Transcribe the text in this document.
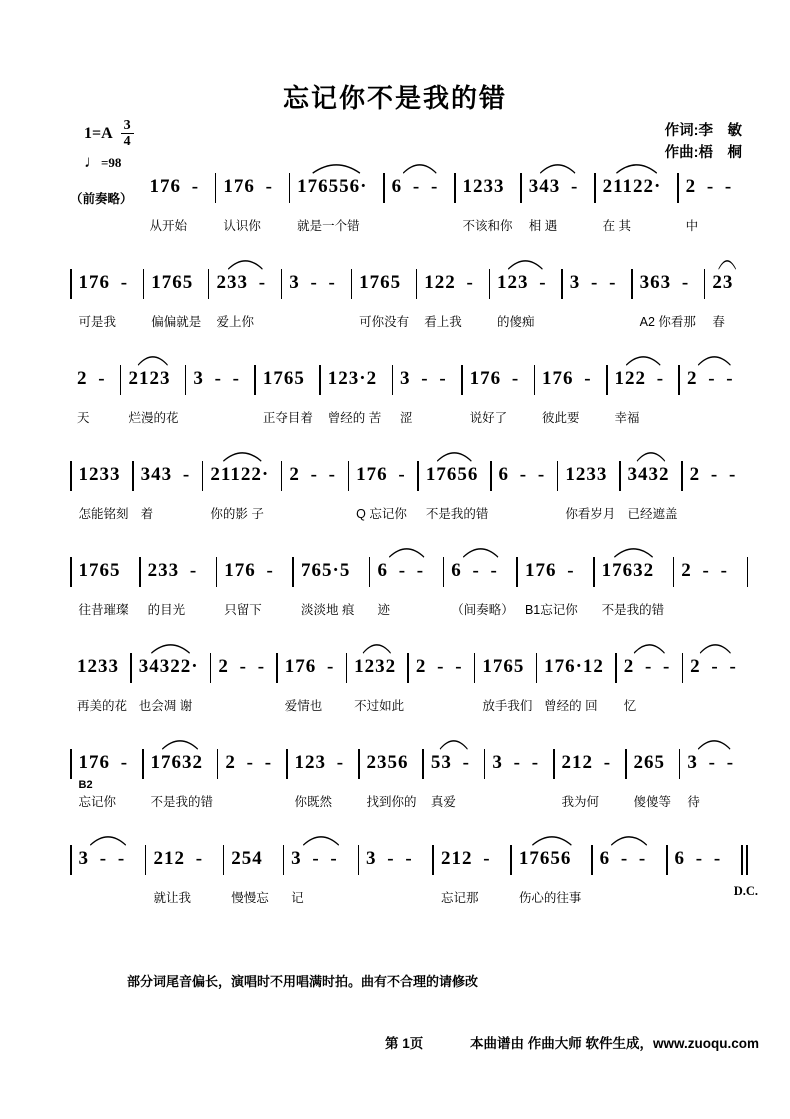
忘记你不是我的错
$1=A \frac{3}{4}$
♩=98
作词:李　敏
作曲:梧　桐
（前奏略）
176 -
从开始
176 -
认识你
176556·
就是一个错
6 - -	1233
不该和你
343 -
相 遇
21122·
在 其
2 - -
中
176 -
可是我
1765
偏偏就是
233 -
爱上你
3 - -	1765
可你没有
122 -
看上我
123 -
的傻痴
3 - -	363 -
A2 你看那
23
春
2 -
天
2123
烂漫的花
3 - -	1765
正夺目着
123·2
曾经的 苦
3 - -
涩
176 -
说好了
176 -
彼此要
122 -
幸福
2 - -
1233
怎能铭刻
343 -
着
21122·
你的影 子
2 - - 176 -
Q 忘记你
17656
不是我的错
6 - - 1233
你看岁月
3432
已经遮盖
2 - -
1765
往昔璀璨
233 -
的目光
176 -
只留下
765·5
淡淡地 痕
6 - -
迹
6 - -
（间奏略）
176 -
B1忘记你
17632
不是我的错
2 - -
1233
再美的花
34322·
也会凋 谢
2 - - 176 -
爱情也
1232
不过如此
2 - - 1765
放手我们
176·12
曾经的 回
2 - -
忆
2 - -
176 -
B2
忘记你
17632
不是我的错
2 - -	123 -
你既然
2356
找到你的
53 -
真爱
3 - -	212 -
我为何
265
傻傻等
3 - -
待
3 - -	212 -
就让我
254
慢慢忘
3 - -
记
3 - -	212 -
忘记那
17656
伤心的往事
6 - -	6 - -
D.C.
部分词尾音偏长，演唱时不用唱满时拍。曲有不合理的请修改
第 1页	本曲谱由 作曲大师 软件生成，www.zuoqu.com
